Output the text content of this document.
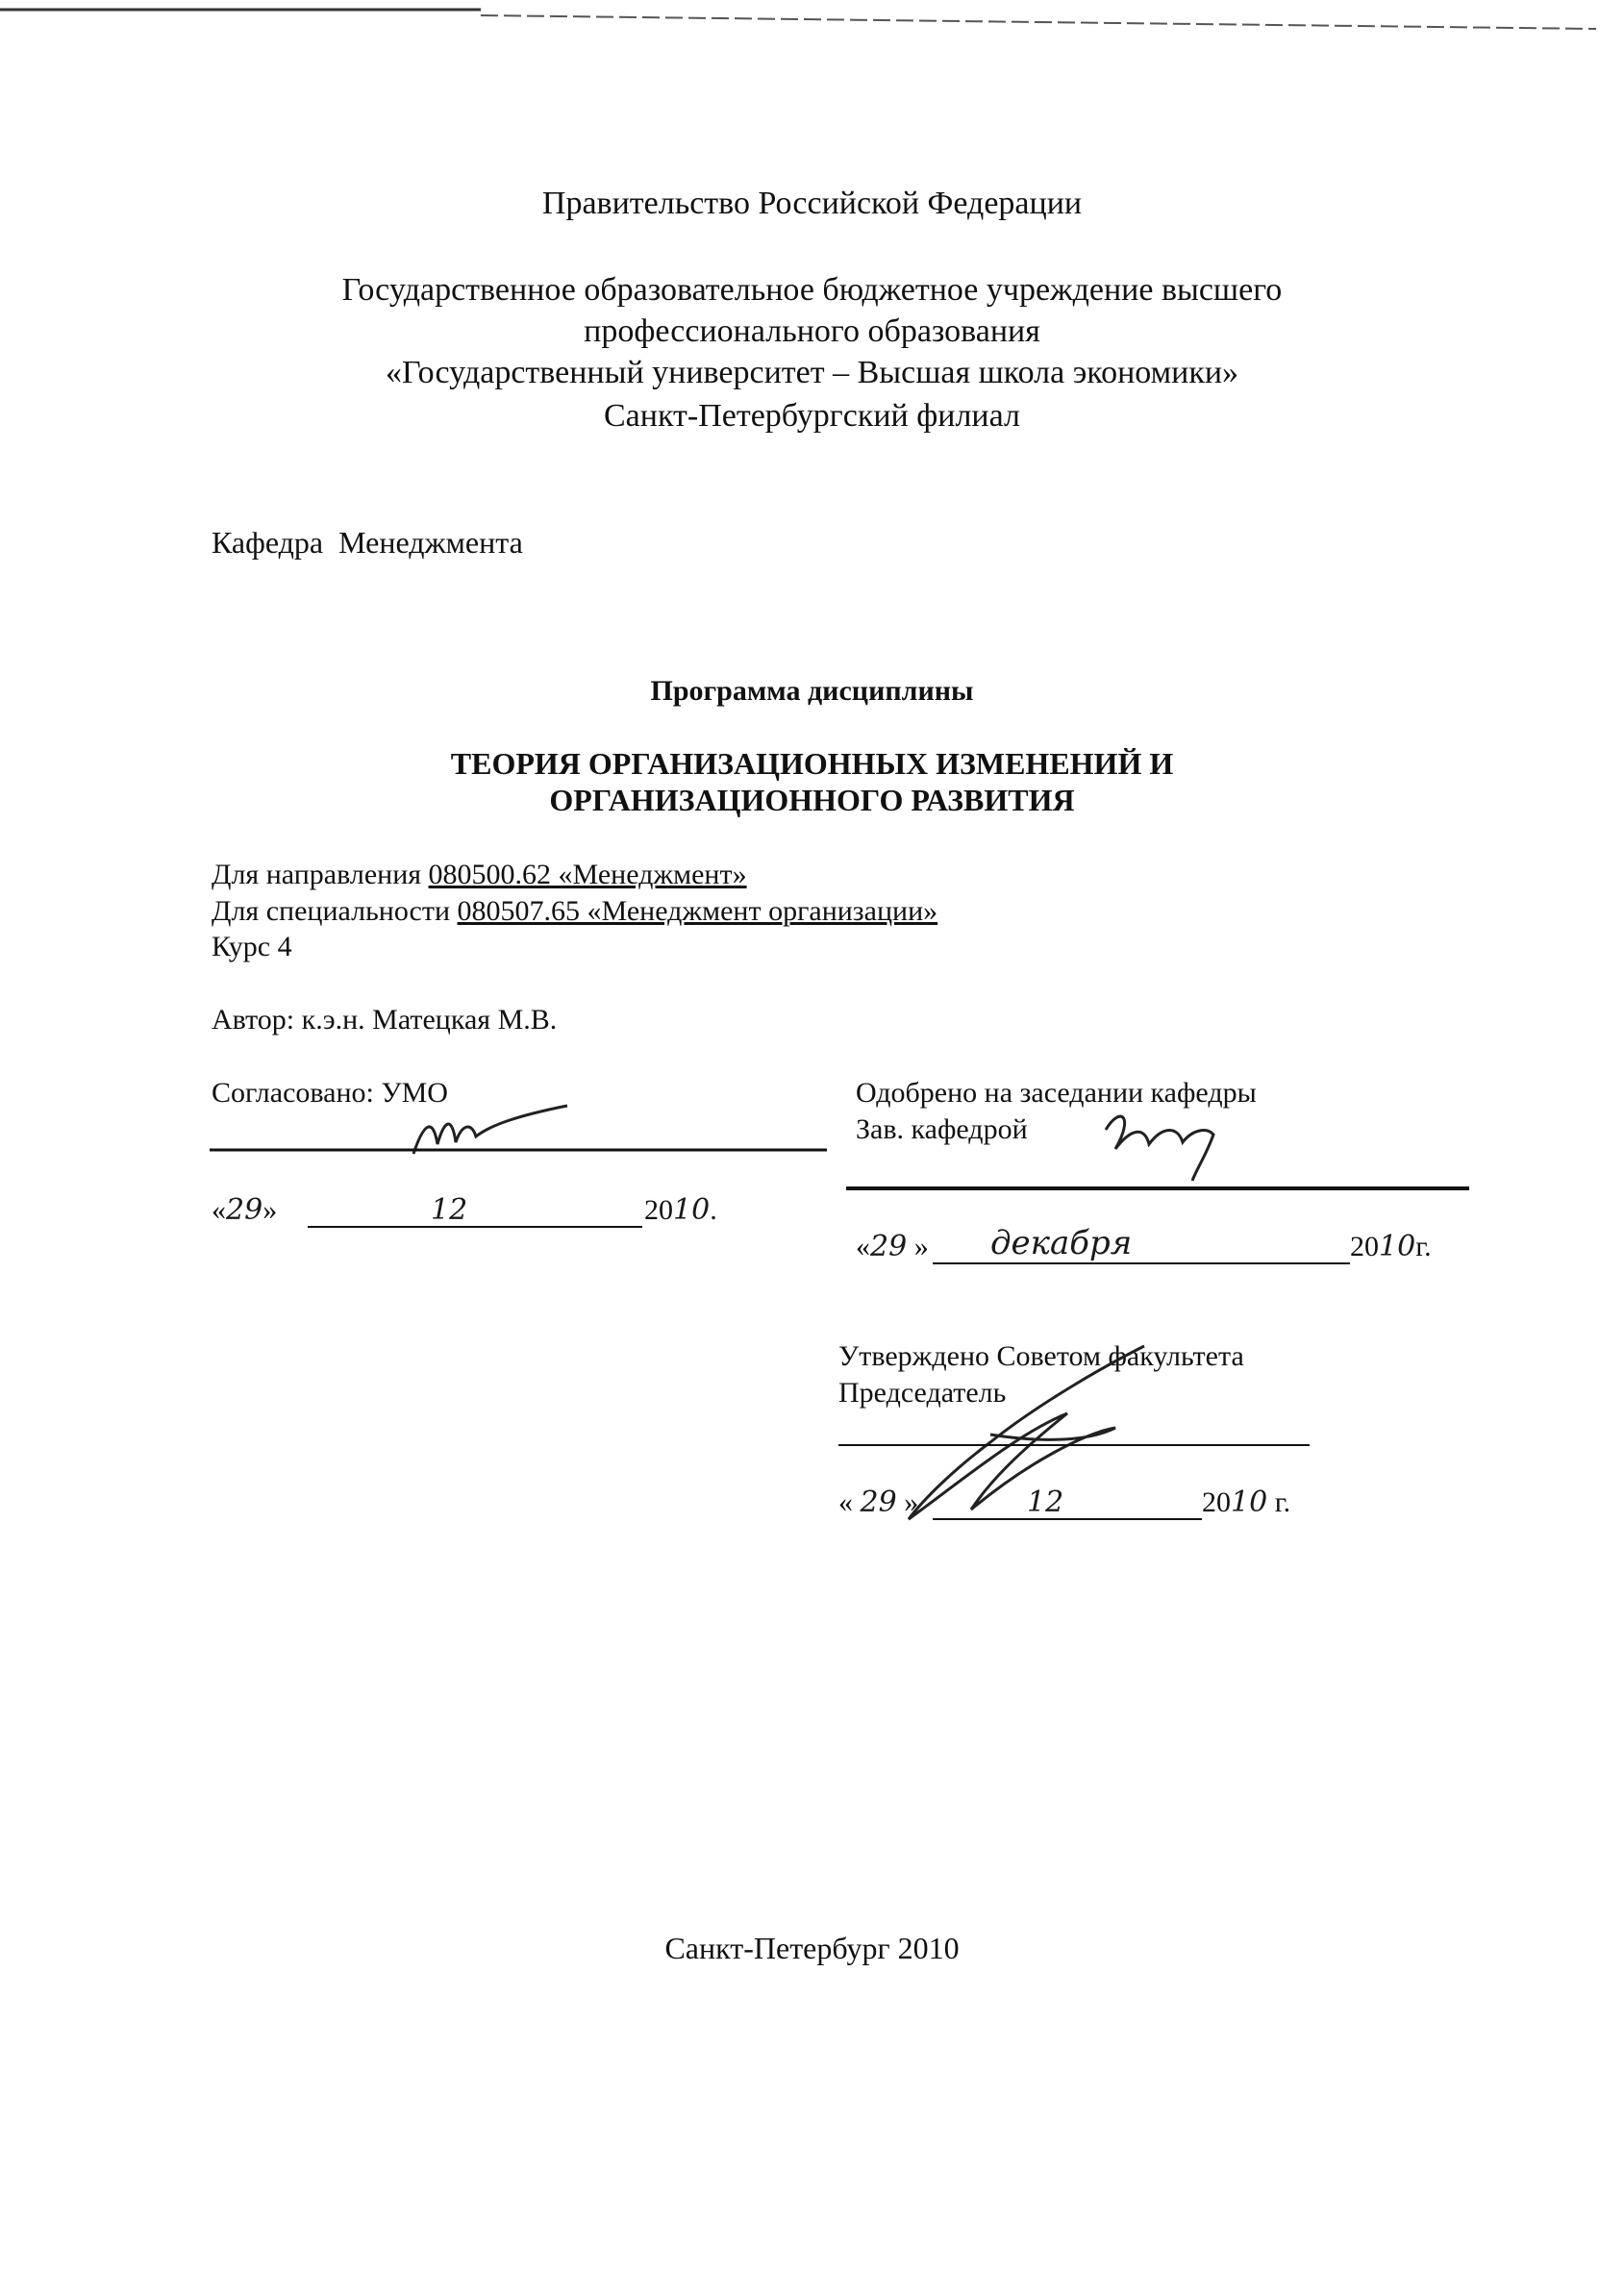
Правительство Российской Федерации
Государственное образовательное бюджетное учреждение высшего
профессионального образования
«Государственный университет – Высшая школа экономики»
Санкт-Петербургский филиал
Кафедра Менеджмента
Программа дисциплины
ТЕОРИЯ ОРГАНИЗАЦИОННЫХ ИЗМЕНЕНИЙ И
ОРГАНИЗАЦИОННОГО РАЗВИТИЯ
Для направления 080500.62 «Менеджмент»
Для специальности 080507.65 «Менеджмент организации»
Курс 4
Автор: к.э.н. Матецкая М.В.
Согласовано: УМО
«29»	12	2010.
Одобрено на заседании кафедры
Зав. кафедрой
«29 » декабря	2010г.
Утверждено Советом факультета
Председатель
« 29 »	12	2010 г.
Санкт-Петербург 2010
